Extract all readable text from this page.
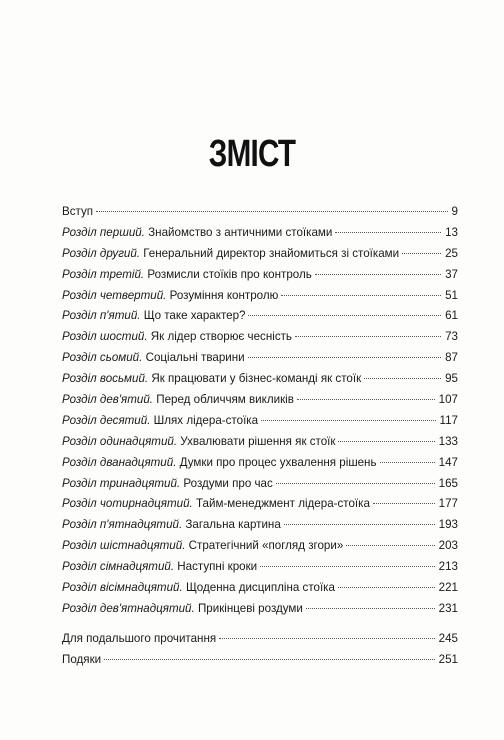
ЗМІСТ
Вступ	9
Розділ перший. Знайомство з античними стоїками	13
Розділ другий. Генеральний директор знайомиться зі стоїками	25
Розділ третій. Розмисли стоїків про контроль	37
Розділ четвертий. Розуміння контролю	51
Розділ п'ятий. Що таке характер?	61
Розділ шостий. Як лідер створює чесність	73
Розділ сьомий. Соціальні тварини	87
Розділ восьмий. Як працювати у бізнес-команді як стоїк	95
Розділ дев'ятий. Перед обличчям викликів	107
Розділ десятий. Шлях лідера-стоїка	117
Розділ одинадцятий. Ухвалювати рішення як стоїк	133
Розділ дванадцятий. Думки про процес ухвалення рішень	147
Розділ тринадцятий. Роздуми про час	165
Розділ чотирнадцятий. Тайм-менеджмент лідера-стоїка	177
Розділ п'ятнадцятий. Загальна картина	193
Розділ шістнадцятий. Стратегічний «погляд згори»	203
Розділ сімнадцятий. Наступні кроки	213
Розділ вісімнадцятий. Щоденна дисципліна стоїка	221
Розділ дев'ятнадцятий. Прикінцеві роздуми	231
Для подальшого прочитання	245
Подяки	251
